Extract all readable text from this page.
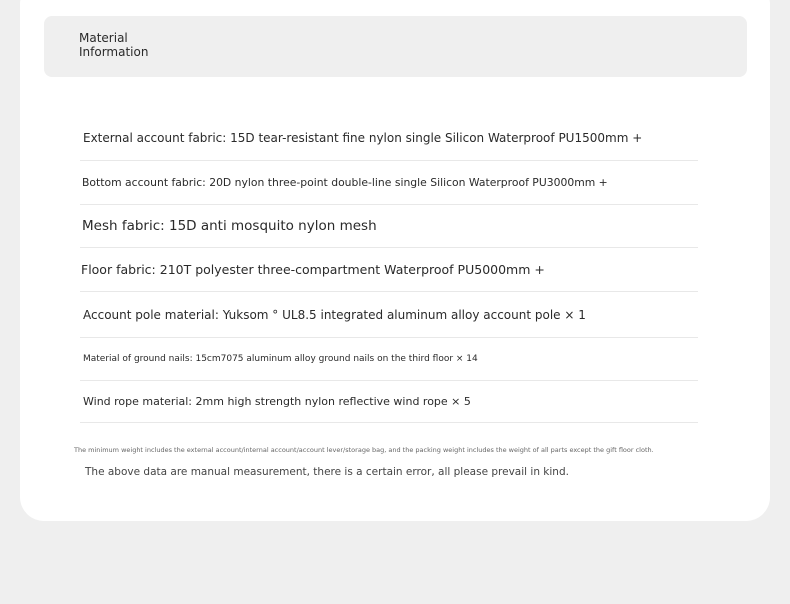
Material
Information
External account fabric: 15D tear-resistant fine nylon single Silicon Waterproof PU1500mm +
Bottom account fabric: 20D nylon three-point double-line single Silicon Waterproof PU3000mm +
Mesh fabric: 15D anti mosquito nylon mesh
Floor fabric: 210T polyester three-compartment Waterproof PU5000mm +
Account pole material: Yuksom ° UL8.5 integrated aluminum alloy account pole × 1
Material of ground nails: 15cm7075 aluminum alloy ground nails on the third floor × 14
Wind rope material: 2mm high strength nylon reflective wind rope × 5
The minimum weight includes the external account/internal account/account lever/storage bag, and the packing weight includes the weight of all parts except the gift floor cloth.
The above data are manual measurement, there is a certain error, all please prevail in kind.
